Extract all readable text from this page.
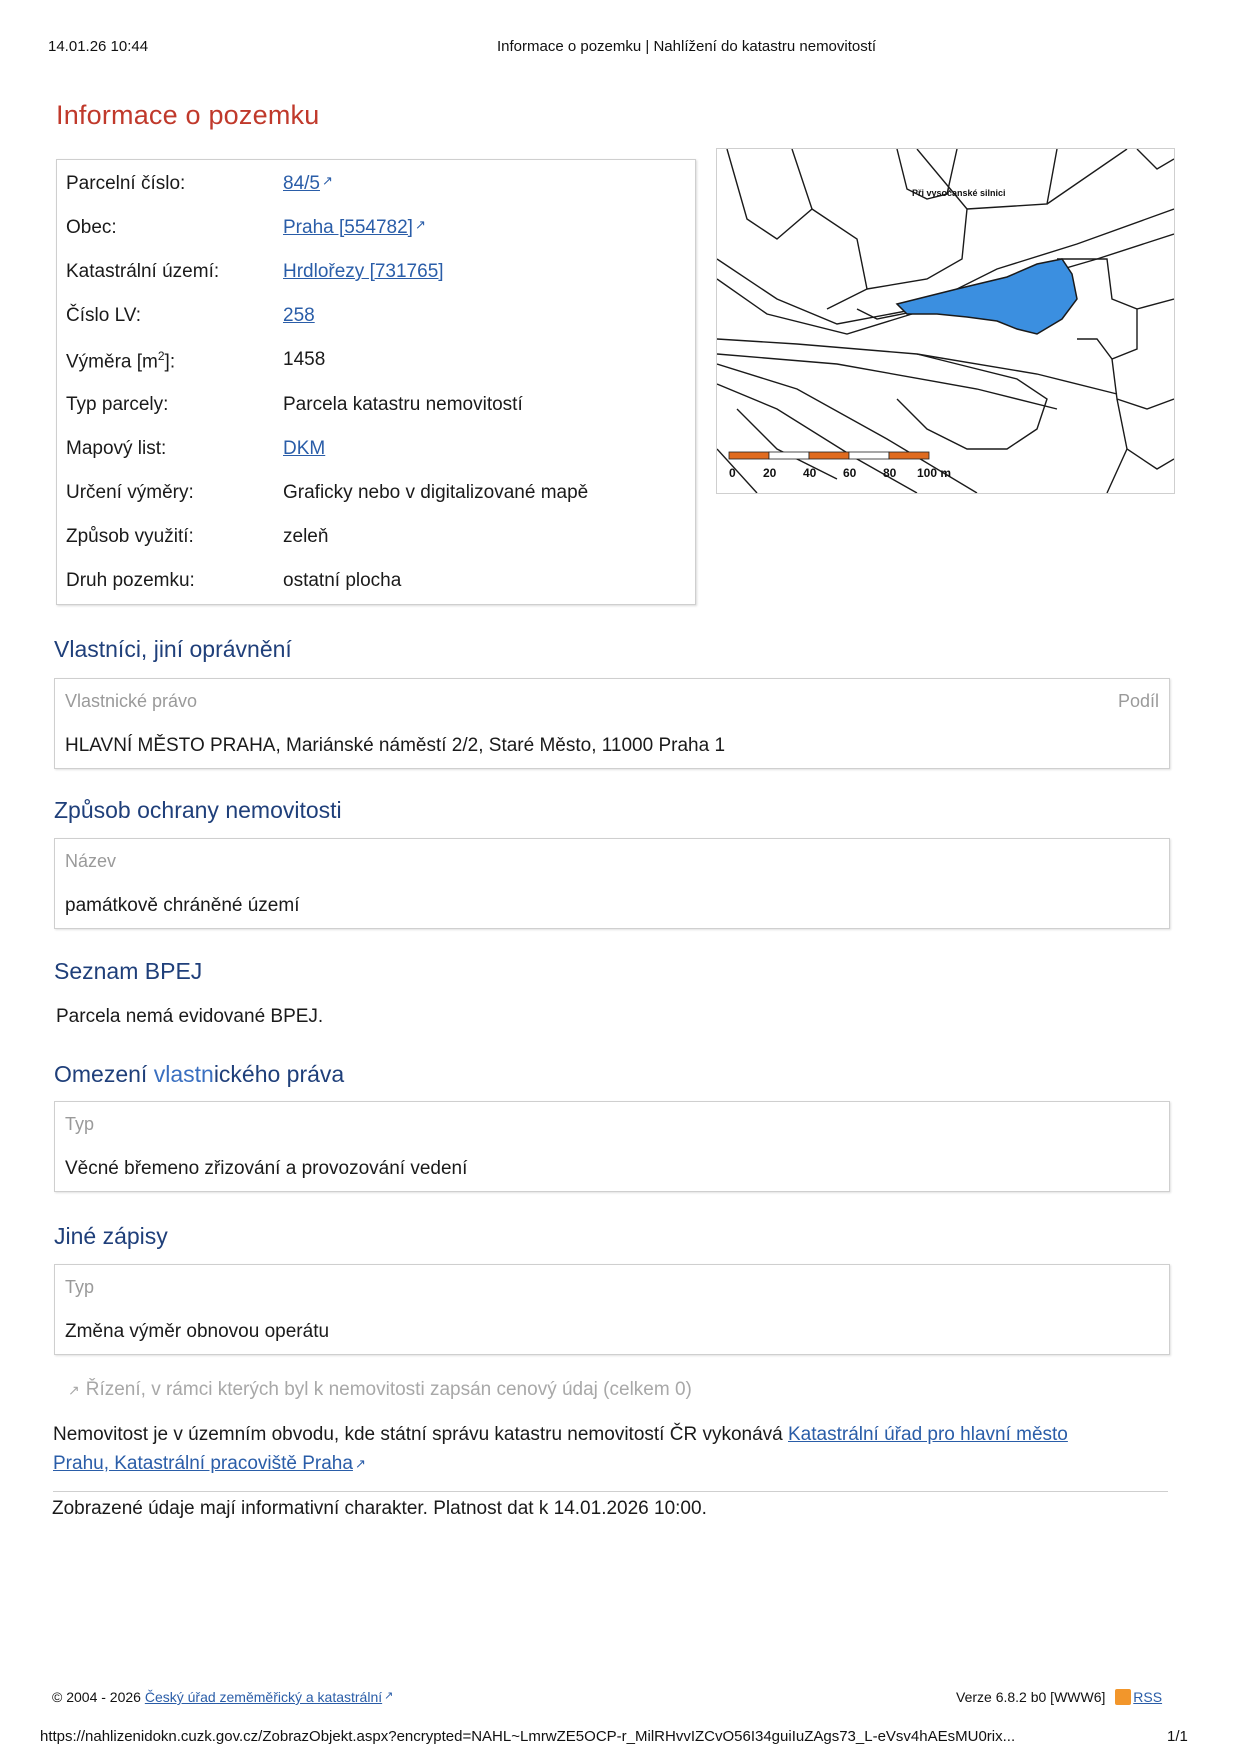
14.01.26 10:44	Informace o pozemku | Nahlížení do katastru nemovitostí
Informace o pozemku
Parcelní číslo:	84/5 ↗
Obec:	Praha [554782] ↗
Katastrální území:	Hrdlořezy [731765]
Číslo LV:	258
Výměra $[m^2]$:	1458
Typ parcely:	Parcela katastru nemovitostí
Mapový list:	DKM
Určení výměry:	Graficky nebo v digitalizované mapě
Způsob využití:	zeleň
Druh pozemku:	ostatní plocha
Při vysočanské silnici
0 20 40 60 80 100 m
Vlastníci, jiní oprávnění
Vlastnické právo	Podíl
HLAVNÍ MĚSTO PRAHA, Mariánské náměstí 2/2, Staré Město, 11000 Praha 1
Způsob ochrany nemovitosti
Název
památkově chráněné území
Seznam BPEJ
Parcela nemá evidované BPEJ.
Omezení vlastnického práva
Typ
Věcné břemeno zřizování a provozování vedení
Jiné zápisy
Typ
Změna výměr obnovou operátu
↗ Řízení, v rámci kterých byl k nemovitosti zapsán cenový údaj (celkem 0)
Nemovitost je v územním obvodu, kde státní správu katastru nemovitostí ČR vykonává Katastrální úřad pro hlavní město
Prahu, Katastrální pracoviště Praha ↗
Zobrazené údaje mají informativní charakter. Platnost dat k 14.01.2026 10:00.
© 2004 - 2026 Český úřad zeměměřický a katastrální ↗	Verze 6.8.2 b0 [WWW6] RSS
https://nahlizenidokn.cuzk.gov.cz/ZobrazObjekt.aspx?encrypted=NAHL~LmrwZE5OCP-r_MilRHvvIZCvO56I34guiIuZAgs73_L-eVsv4hAEsMU0rix...	1/1
